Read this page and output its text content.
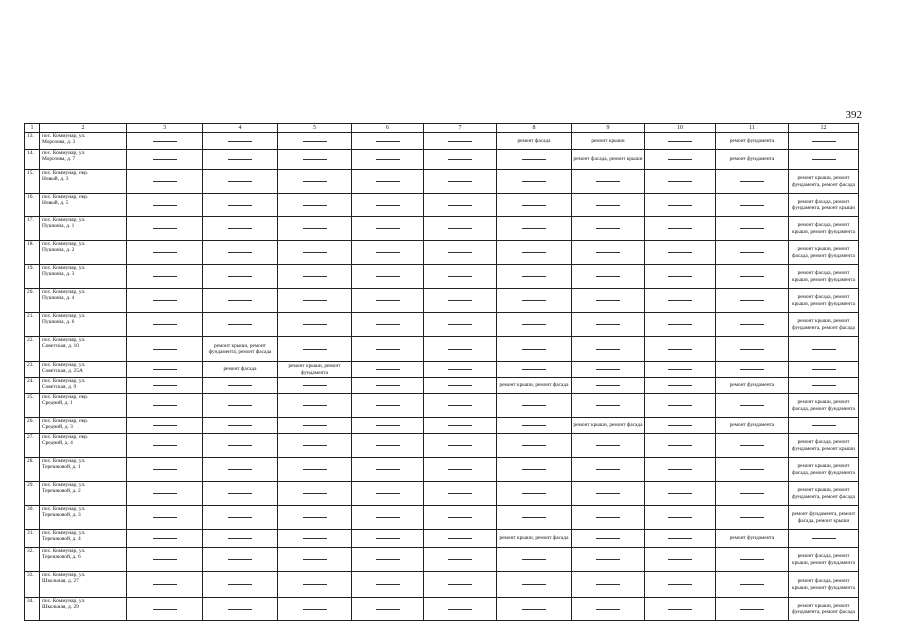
392
1	2	3	4	5	6	7	8	9	10	11	12
13.	пос. Коммунар, ул.
Морозова, д. 3						ремонт фасада	ремонт крыши		ремонт фундамента	

14.	пос. Коммунар, ул.
Морозова, д. 7							ремонт фасада, ремонт крыши		ремонт фундамента	

15.	пос. Коммунар, пер.
Новый, д. 3										ремонт крыши, ремонт фундамента, ремонт фасада

16.	пос. Коммунар, пер.
Новый, д. 5										ремонт фасада, ремонт фундамента, ремонт крыши

17.	пос. Коммунар, ул.
Пушкина, д. 1										ремонт фасада, ремонт крыши, ремонт фундамента

18.	пос. Коммунар, ул.
Пушкина, д. 2										ремонт крыши, ремонт фасада, ремонт фундамента

19.	пос. Коммунар, ул.
Пушкина, д. 3										ремонт фасада, ремонт крыши, ремонт фундамента

20.	пос. Коммунар, ул.
Пушкина, д. 4										ремонт фасада, ремонт крыши, ремонт фундамента

21.	пос. Коммунар, ул.
Пушкина, д. 6										ремонт крыши, ремонт фундамента, ремонт фасада

22.	пос. Коммунар, ул.
Советская, д. 10		ремонт крыши, ремонт фундамента, ремонт фасада								

23.	пос. Коммунар, ул.
Советская, д. 25А		ремонт фасада	ремонт крыши, ремонт фундамента							

24.	пос. Коммунар, ул.
Советская, д. 9						ремонт крыши, ремонт фасада			ремонт фундамента	

25.	пос. Коммунар, пер.
Средний, д. 1										ремонт крыши, ремонт фасада, ремонт фундамента

26.	пос. Коммунар, пер.
Средний, д. 3							ремонт крыши, ремонт фасада		ремонт фундамента	

27.	пос. Коммунар, пер.
Средний, д. 4										ремонт фасада, ремонт фундамента, ремонт крыши

28.	пос. Коммунар, ул.
Терешковой, д. 1										ремонт крыши, ремонт фасада, ремонт фундамента

29.	пос. Коммунар, ул.
Терешковой, д. 2										ремонт крыши, ремонт фундамента, ремонт фасада

30.	пос. Коммунар, ул.
Терешковой, д. 3										ремонт фундамента, ремонт фасада, ремонт крыши

31.	пос. Коммунар, ул.
Терешковой, д. 4						ремонт крыши, ремонт фасада			ремонт фундамента	

32.	пос. Коммунар, ул.
Терешковой, д. 6										ремонт фасада, ремонт крыши, ремонт фундамента

33.	пос. Коммунар, ул.
Школьная, д. 27										ремонт фасада, ремонт крыши, ремонт фундамента

34.	пос. Коммунар, ул.
Школьная, д. 29										ремонт крыши, ремонт фундамента, ремонт фасада
